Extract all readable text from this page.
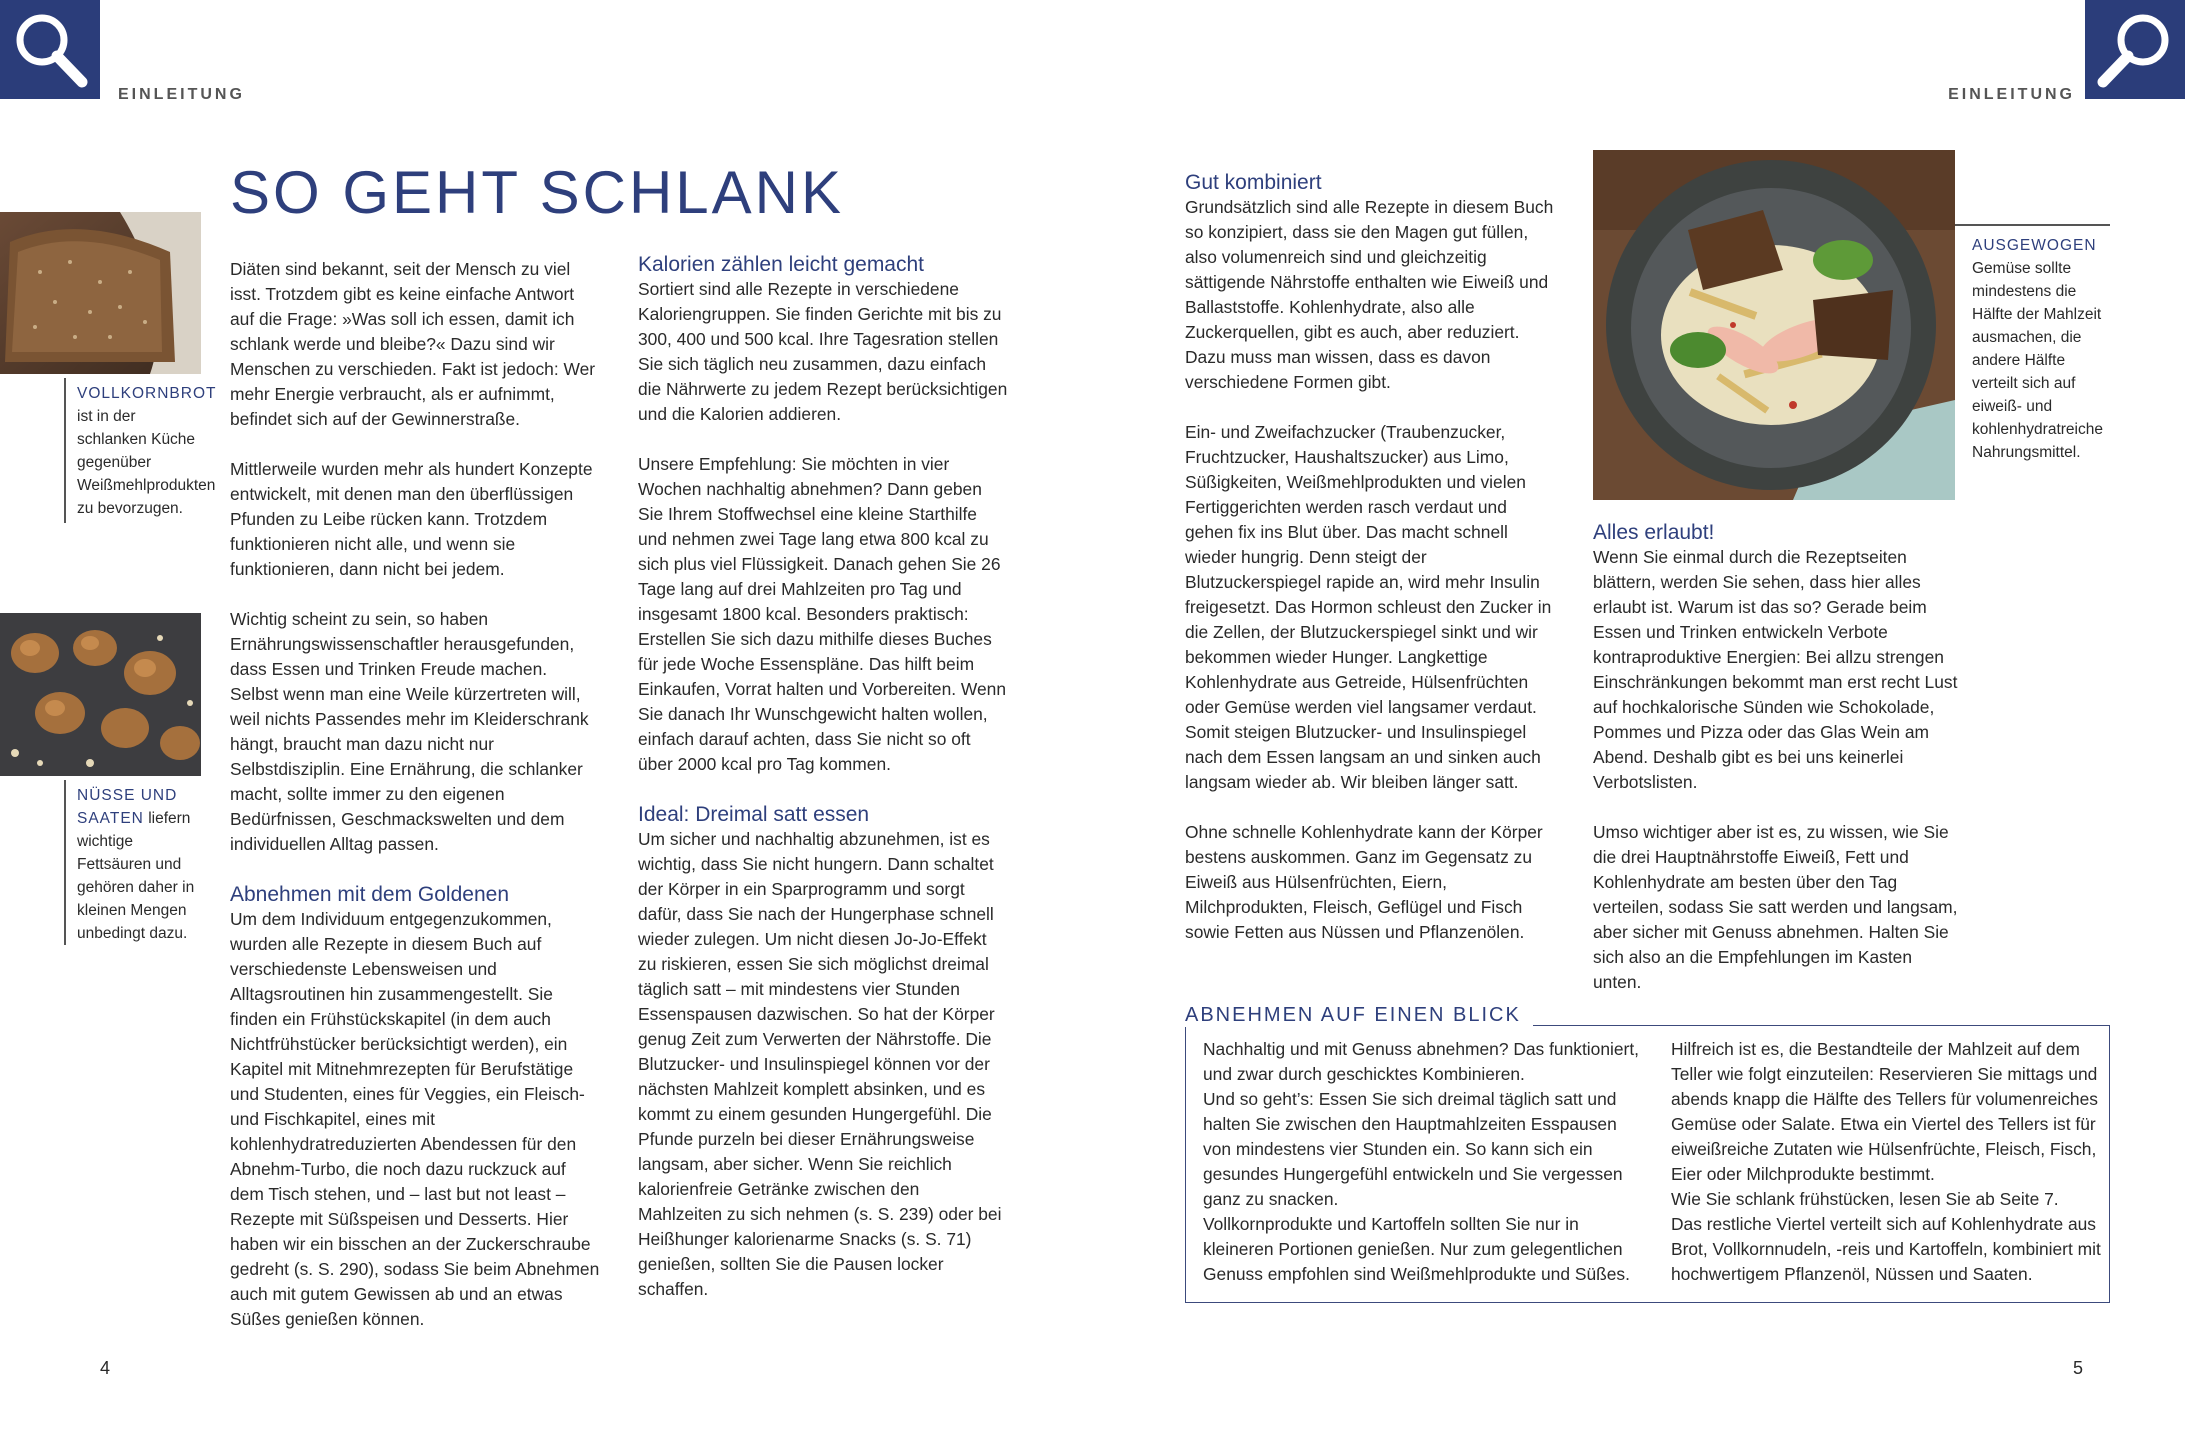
EINLEITUNG	EINLEITUNG
SO GEHT SCHLANK
VOLLKORNBROT ist in der schlanken Küche gegenüber Weißmehlprodukten zu bevorzugen.
NÜSSE UND SAATEN liefern wichtige Fettsäuren und gehören daher in kleinen Mengen unbedingt dazu.

Diäten sind bekannt, seit der Mensch zu viel isst. Trotzdem gibt es keine einfache Antwort auf die Frage: »Was soll ich essen, damit ich schlank werde und bleibe?« Dazu sind wir Menschen zu verschieden. Fakt ist jedoch: Wer mehr Energie verbraucht, als er aufnimmt, befindet sich auf der Gewinnerstraße.

Mittlerweile wurden mehr als hundert Konzepte entwickelt, mit denen man den überflüssigen Pfunden zu Leibe rücken kann. Trotzdem funktionieren nicht alle, und wenn sie funktionieren, dann nicht bei jedem.

Wichtig scheint zu sein, so haben Ernährungswissenschaftler herausgefunden, dass Essen und Trinken Freude machen. Selbst wenn man eine Weile kürzertreten will, weil nichts Passendes mehr im Kleiderschrank hängt, braucht man dazu nicht nur Selbstdisziplin. Eine Ernährung, die schlanker macht, sollte immer zu den eigenen Bedürfnissen, Geschmackswelten und dem individuellen Alltag passen.

Abnehmen mit dem Goldenen

Um dem Individuum entgegenzukommen, wurden alle Rezepte in diesem Buch auf verschiedenste Lebensweisen und Alltagsroutinen hin zusammengestellt. Sie finden ein Frühstückskapitel (in dem auch Nichtfrühstücker berücksichtigt werden), ein Kapitel mit Mitnehmrezepten für Berufstätige und Studenten, eines für Veggies, ein Fleisch- und Fischkapitel, eines mit kohlenhydratreduzierten Abendessen für den Abnehm-Turbo, die noch dazu ruckzuck auf dem Tisch stehen, und – last but not least – Rezepte mit Süßspeisen und Desserts. Hier haben wir ein bisschen an der Zuckerschraube gedreht (s. S. 290), sodass Sie beim Abnehmen auch mit gutem Gewissen ab und an etwas Süßes genießen können.

Kalorien zählen leicht gemacht

Sortiert sind alle Rezepte in verschiedene Kaloriengruppen. Sie finden Gerichte mit bis zu 300, 400 und 500 kcal. Ihre Tagesration stellen Sie sich täglich neu zusammen, dazu einfach die Nährwerte zu jedem Rezept berücksichtigen und die Kalorien addieren.

Unsere Empfehlung: Sie möchten in vier Wochen nachhaltig abnehmen? Dann geben Sie Ihrem Stoffwechsel eine kleine Starthilfe und nehmen zwei Tage lang etwa 800 kcal zu sich plus viel Flüssigkeit. Danach gehen Sie 26 Tage lang auf drei Mahlzeiten pro Tag und insgesamt 1800 kcal. Besonders praktisch: Erstellen Sie sich dazu mithilfe dieses Buches für jede Woche Essenspläne. Das hilft beim Einkaufen, Vorrat halten und Vorbereiten. Wenn Sie danach Ihr Wunschgewicht halten wollen, einfach darauf achten, dass Sie nicht so oft über 2000 kcal pro Tag kommen.

Ideal: Dreimal satt essen

Um sicher und nachhaltig abzunehmen, ist es wichtig, dass Sie nicht hungern. Dann schaltet der Körper in ein Sparprogramm und sorgt dafür, dass Sie nach der Hungerphase schnell wieder zulegen. Um nicht diesen Jo-Jo-Effekt zu riskieren, essen Sie sich möglichst dreimal täglich satt – mit mindestens vier Stunden Essenspausen dazwischen. So hat der Körper genug Zeit zum Verwerten der Nährstoffe. Die Blutzucker- und Insulinspiegel können vor der nächsten Mahlzeit komplett absinken, und es kommt zu einem gesunden Hungergefühl. Die Pfunde purzeln bei dieser Ernährungsweise langsam, aber sicher. Wenn Sie reichlich kalorienfreie Getränke zwischen den Mahlzeiten zu sich nehmen (s. S. 239) oder bei Heißhunger kalorienarme Snacks (s. S. 71) genießen, sollten Sie die Pausen locker schaffen.

Gut kombiniert

Grundsätzlich sind alle Rezepte in diesem Buch so konzipiert, dass sie den Magen gut füllen, also volumenreich sind und gleichzeitig sättigende Nährstoffe enthalten wie Eiweiß und Ballaststoffe. Kohlenhydrate, also alle Zuckerquellen, gibt es auch, aber reduziert. Dazu muss man wissen, dass es davon verschiedene Formen gibt.

Ein- und Zweifachzucker (Traubenzucker, Fruchtzucker, Haushaltszucker) aus Limo, Süßigkeiten, Weißmehlprodukten und vielen Fertiggerichten werden rasch verdaut und gehen fix ins Blut über. Das macht schnell wieder hungrig. Denn steigt der Blutzuckerspiegel rapide an, wird mehr Insulin freigesetzt. Das Hormon schleust den Zucker in die Zellen, der Blutzuckerspiegel sinkt und wir bekommen wieder Hunger. Langkettige Kohlenhydrate aus Getreide, Hülsenfrüchten oder Gemüse werden viel langsamer verdaut. Somit steigen Blutzucker- und Insulinspiegel nach dem Essen langsam an und sinken auch langsam wieder ab. Wir bleiben länger satt.

Ohne schnelle Kohlenhydrate kann der Körper bestens auskommen. Ganz im Gegensatz zu Eiweiß aus Hülsenfrüchten, Eiern, Milchprodukten, Fleisch, Geflügel und Fisch sowie Fetten aus Nüssen und Pflanzenölen.

AUSGEWOGEN
Gemüse sollte mindestens die Hälfte der Mahlzeit ausmachen, die andere Hälfte verteilt sich auf eiweiß- und kohlenhydratreiche Nahrungsmittel.
Alles erlaubt!

Wenn Sie einmal durch die Rezeptseiten blättern, werden Sie sehen, dass hier alles erlaubt ist. Warum ist das so? Gerade beim Essen und Trinken entwickeln Verbote kontraproduktive Energien: Bei allzu strengen Einschränkungen bekommt man erst recht Lust auf hochkalorische Sünden wie Schokolade, Pommes und Pizza oder das Glas Wein am Abend. Deshalb gibt es bei uns keinerlei Verbotslisten.

Umso wichtiger aber ist es, zu wissen, wie Sie die drei Hauptnährstoffe Eiweiß, Fett und Kohlenhydrate am besten über den Tag verteilen, sodass Sie satt werden und langsam, aber sicher mit Genuss abnehmen. Halten Sie sich also an die Empfehlungen im Kasten unten.

ABNEHMEN AUF EINEN BLICK

Nachhaltig und mit Genuss abnehmen? Das funktioniert, und zwar durch geschicktes Kombinieren.

Und so geht’s: Essen Sie sich dreimal täglich satt und halten Sie zwischen den Hauptmahlzeiten Esspausen von mindestens vier Stunden ein. So kann sich ein gesundes Hungergefühl entwickeln und Sie vergessen ganz zu snacken.

Vollkornprodukte und Kartoffeln sollten Sie nur in kleineren Portionen genießen. Nur zum gelegentlichen Genuss empfohlen sind Weißmehlprodukte und Süßes.

Hilfreich ist es, die Bestandteile der Mahlzeit auf dem Teller wie folgt einzuteilen: Reservieren Sie mittags und abends knapp die Hälfte des Tellers für volumenreiches Gemüse oder Salate. Etwa ein Viertel des Tellers ist für eiweißreiche Zutaten wie Hülsenfrüchte, Fleisch, Fisch, Eier oder Milchprodukte bestimmt.

Wie Sie schlank frühstücken, lesen Sie ab Seite 7.

Das restliche Viertel verteilt sich auf Kohlenhydrate aus Brot, Vollkornnudeln, -reis und Kartoffeln, kombiniert mit hochwertigem Pflanzenöl, Nüssen und Saaten.

4	5
